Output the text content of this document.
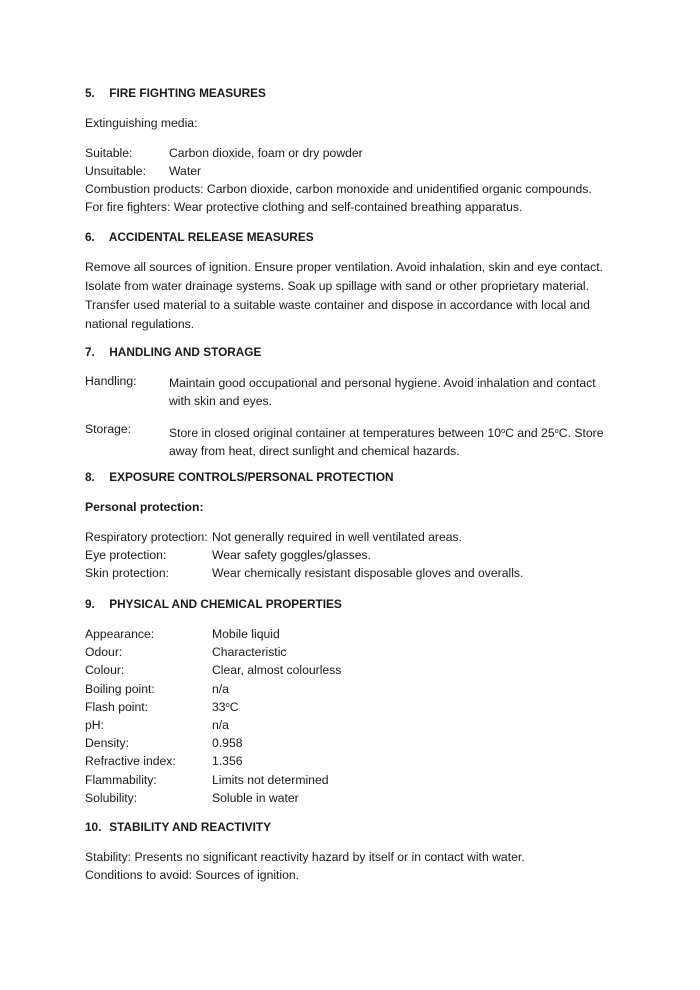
5. FIRE FIGHTING MEASURES
Extinguishing media:
Suitable:	Carbon dioxide, foam or dry powder
Unsuitable: Water
Combustion products: Carbon dioxide, carbon monoxide and unidentified organic compounds.
For fire fighters: Wear protective clothing and self-contained breathing apparatus.
6. ACCIDENTAL RELEASE MEASURES
Remove all sources of ignition. Ensure proper ventilation. Avoid inhalation, skin and eye contact. Isolate from water drainage systems. Soak up spillage with sand or other proprietary material. Transfer used material to a suitable waste container and dispose in accordance with local and national regulations.
7. HANDLING AND STORAGE
Handling:	Maintain good occupational and personal hygiene. Avoid inhalation and contact with skin and eyes.
Storage:	Store in closed original container at temperatures between 10$^o$C and 25$^o$C. Store away from heat, direct sunlight and chemical hazards.
8. EXPOSURE CONTROLS/PERSONAL PROTECTION
Personal protection:
Respiratory protection: Not generally required in well ventilated areas.
Eye protection:	Wear safety goggles/glasses.
Skin protection:	Wear chemically resistant disposable gloves and overalls.
9. PHYSICAL AND CHEMICAL PROPERTIES
Appearance:	Mobile liquid
Odour:	Characteristic
Colour:	Clear, almost colourless
Boiling point:	n/a
Flash point:	33$^o$C
pH:	n/a
Density:	0.958
Refractive index:	1.356
Flammability:	Limits not determined
Solubility:	Soluble in water
10. STABILITY AND REACTIVITY
Stability: Presents no significant reactivity hazard by itself or in contact with water.
Conditions to avoid: Sources of ignition.
